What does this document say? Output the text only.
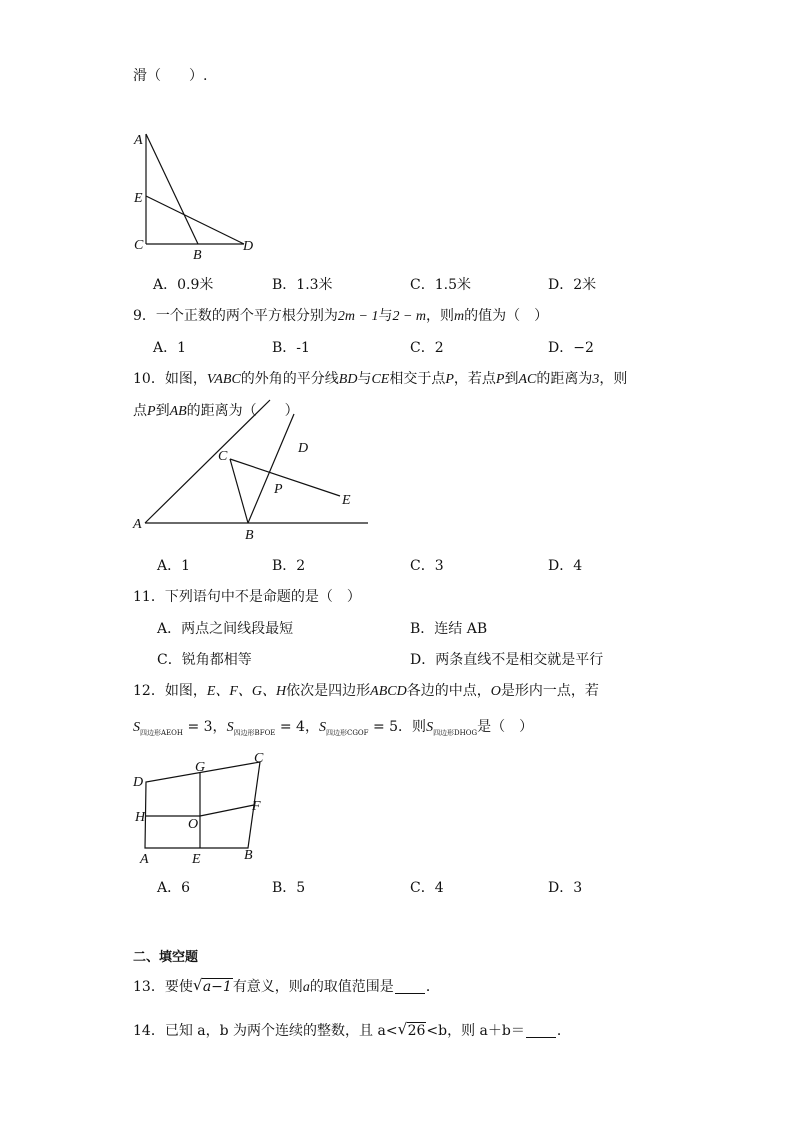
滑（　　）.
A
E
C
B
D
A．0.9米	B．1.3米	C．1.5米	D．2米
9．一个正数的两个平方根分别为2m − 1与2 − m，则m的值为（　）
A．1	B．-1	C．2	D．−2
10．如图，VABC的外角的平分线BD与CE相交于点P，若点P到AC的距离为3，则
点P到AB的距离为（　　）
C
D
P
E
A
B
A．1	B．2	C．3	D．4
11．下列语句中不是命题的是（　）
A．两点之间线段最短	B．连结 AB
C．锐角都相等	D．两条直线不是相交就是平行
12．如图，E、F、G、H依次是四边形ABCD各边的中点，O是形内一点，若
$S_{四边形AEOH} = 3$，$S_{四边形BFOE} = 4$，$S_{四边形CGOF} = 5$．则$S_{四边形DHOG}$是（　）
C
G
D
F
H	O
A	E	B
A．6	B．5	C．4	D．3
二、填空题
13．要使 √ a−1有意义，则a的取值范围是 ．
14．已知 a，b 为两个连续的整数，且 a< √ 26<b，则 a＋b＝ ．
